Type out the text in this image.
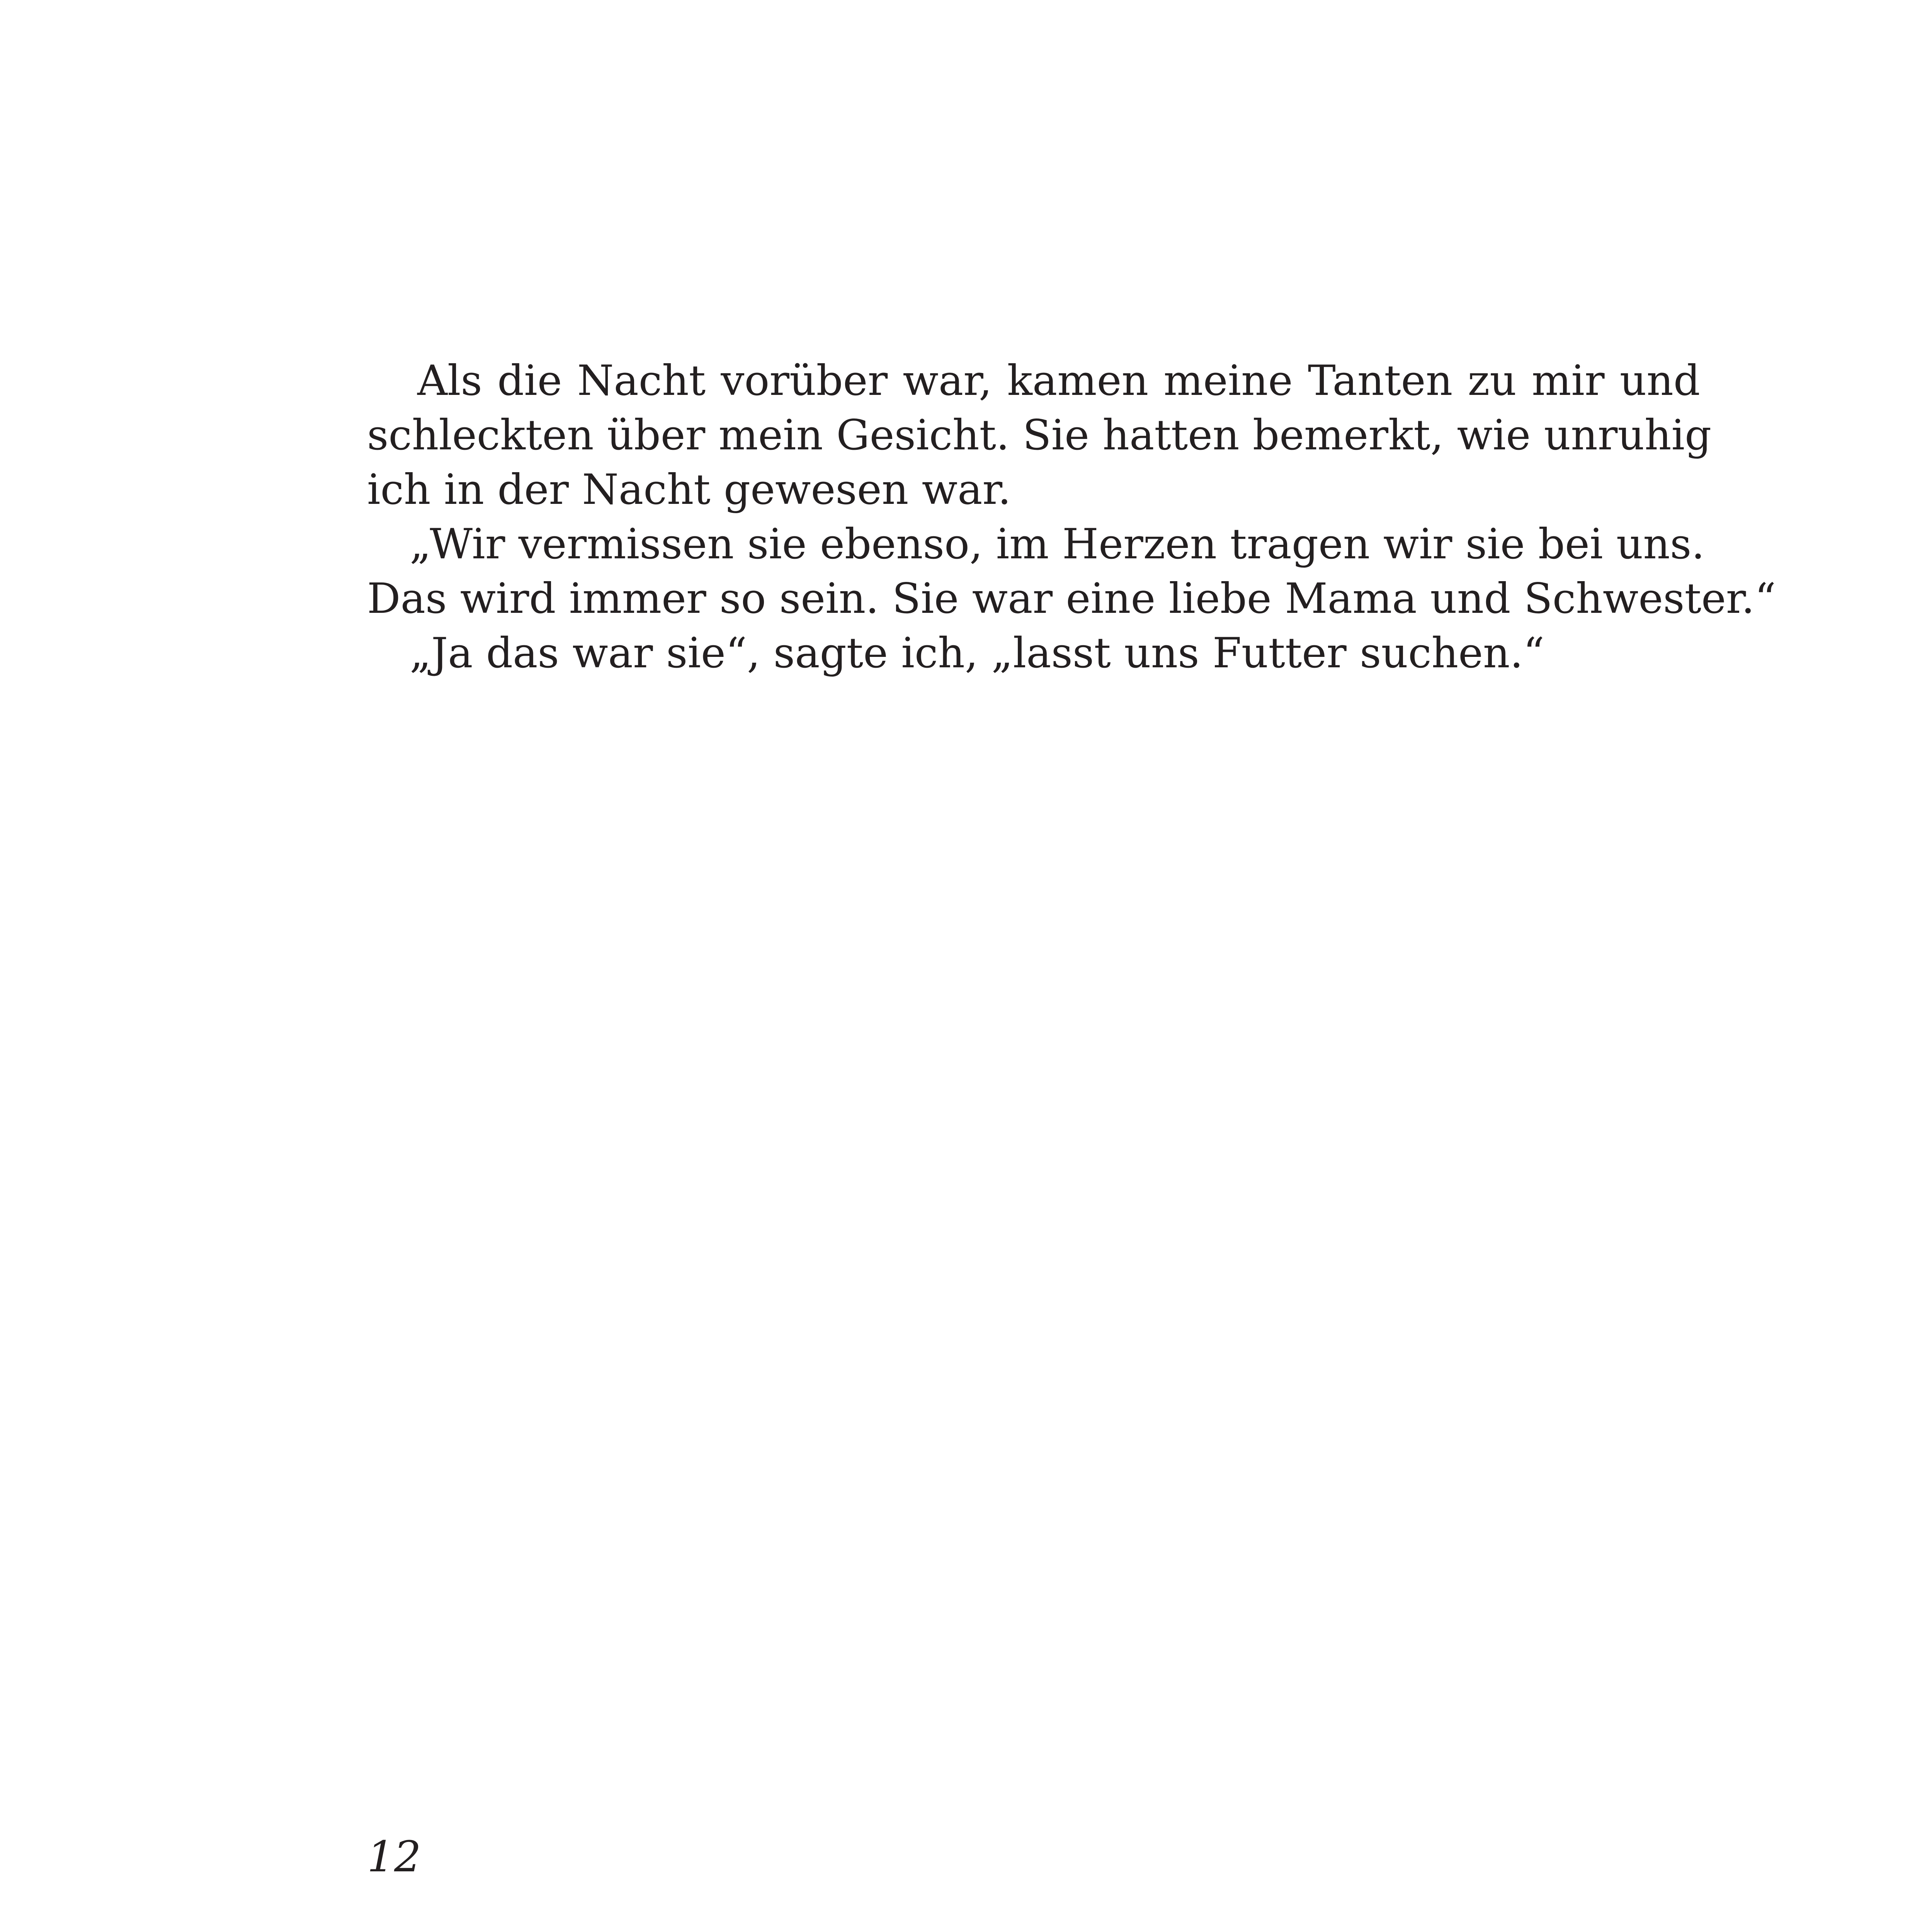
Als die Nacht vorüber war, kamen meine Tanten zu mir und
schleckten über mein Gesicht. Sie hatten bemerkt, wie unruhig
ich in der Nacht gewesen war.
„Wir vermissen sie ebenso, im Herzen tragen wir sie bei uns.
Das wird immer so sein. Sie war eine liebe Mama und Schwester.“
„Ja das war sie“, sagte ich, „lasst uns Futter suchen.“
12
